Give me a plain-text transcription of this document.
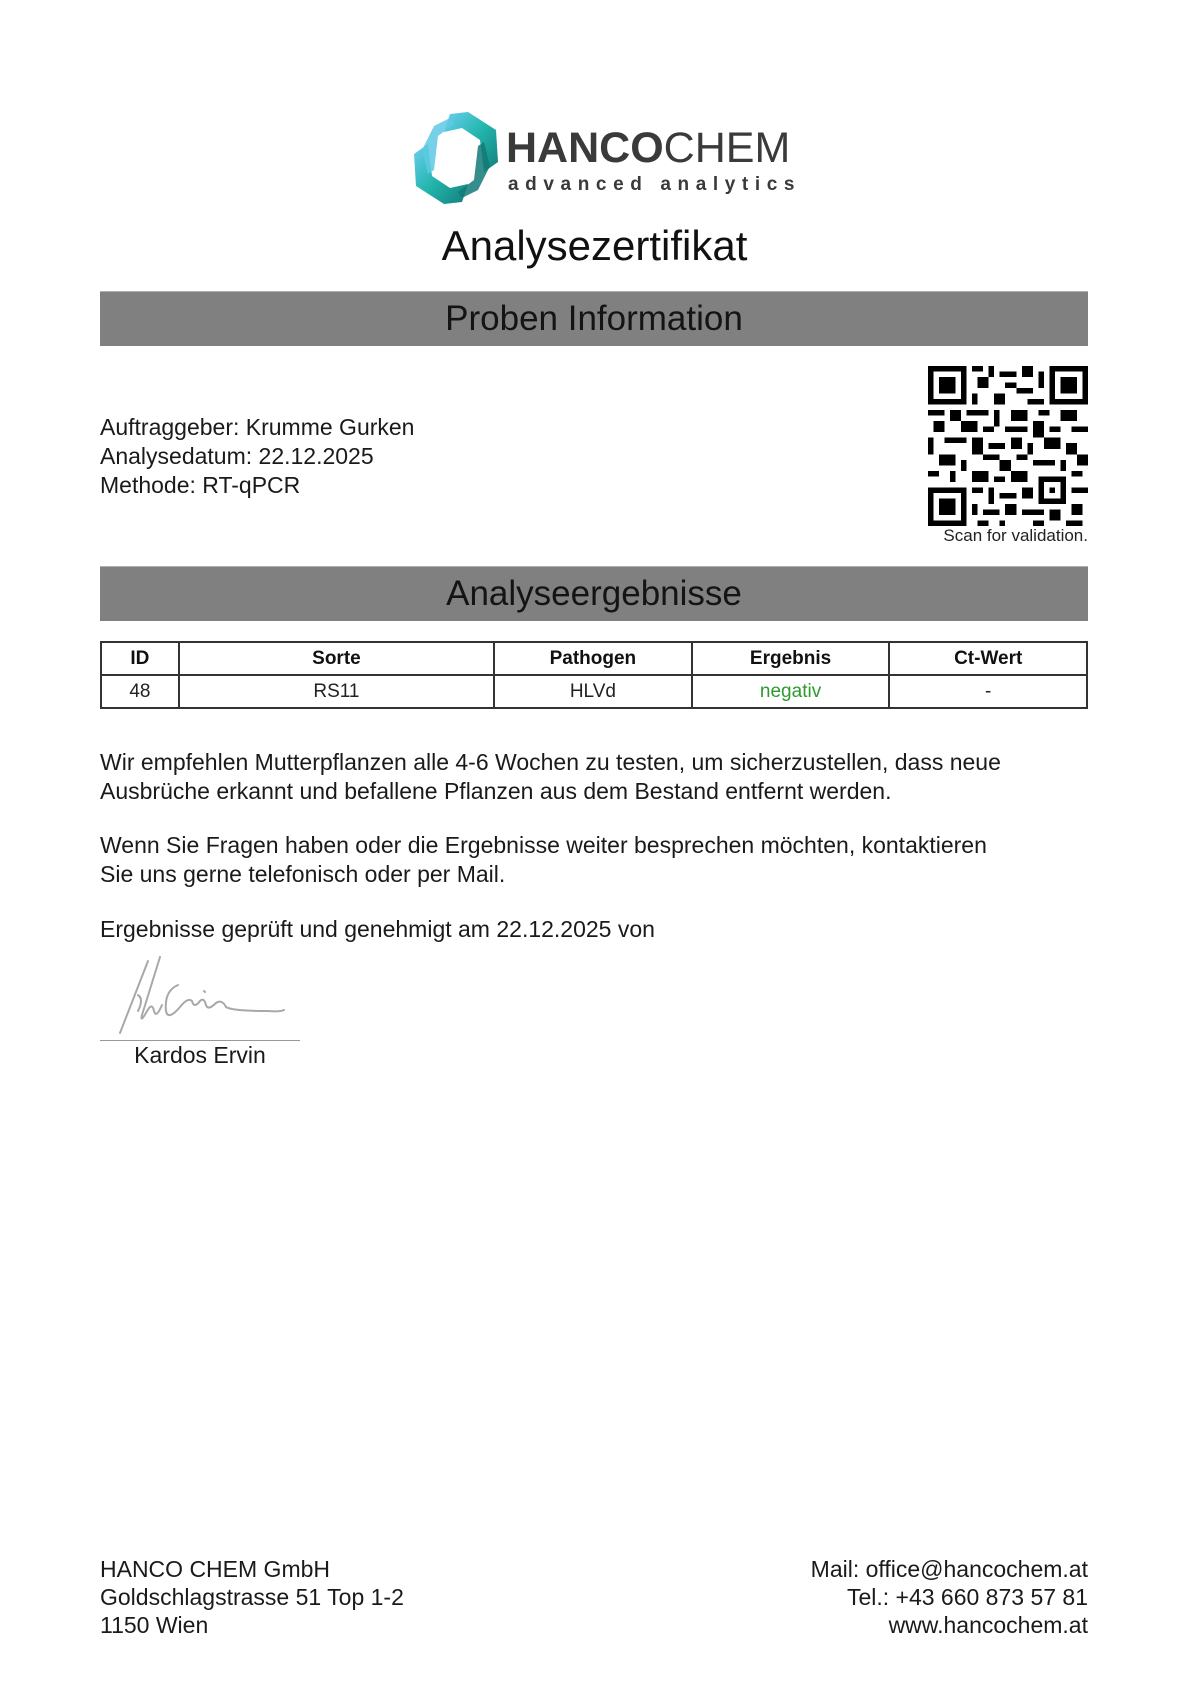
HANCOCHEM
advanced analytics
Analysezertifikat
Proben Information
Auftraggeber: Krumme Gurken
Analysedatum: 22.12.2025
Methode: RT-qPCR
Scan for validation.
Analyseergebnisse
ID	Sorte	Pathogen	Ergebnis	Ct-Wert
48	RS11	HLVd	negativ	-
Wir empfehlen Mutterpflanzen alle 4-6 Wochen zu testen, um sicherzustellen, dass neue
Ausbrüche erkannt und befallene Pflanzen aus dem Bestand entfernt werden.
Wenn Sie Fragen haben oder die Ergebnisse weiter besprechen möchten, kontaktieren
Sie uns gerne telefonisch oder per Mail.
Ergebnisse geprüft und genehmigt am 22.12.2025 von
Kardos Ervin
HANCO CHEM GmbH
Goldschlagstrasse 51 Top 1-2
1150 Wien
Mail: office@hancochem.at
Tel.: +43 660 873 57 81
www.hancochem.at
